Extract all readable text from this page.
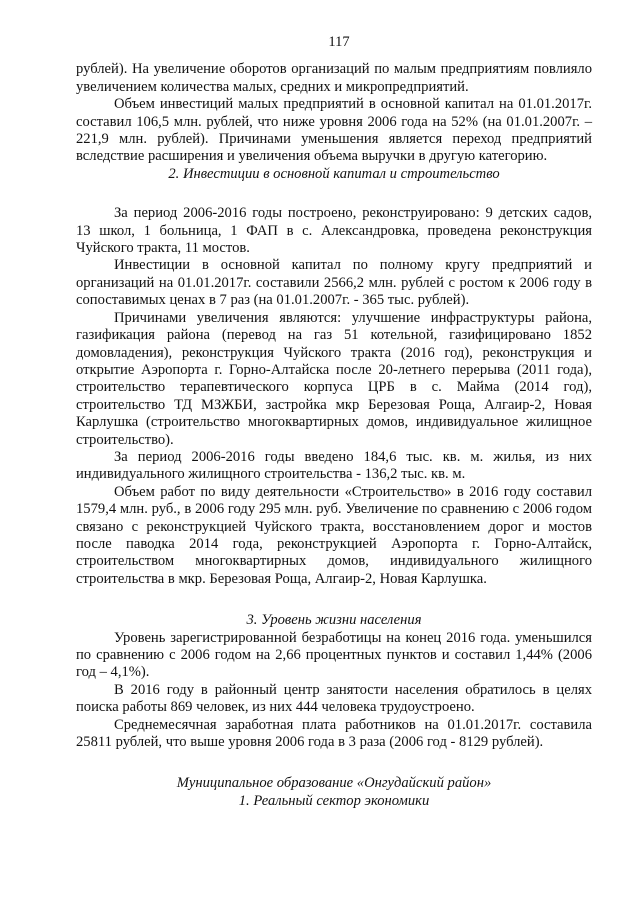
117

рублей). На увеличение оборотов организаций по малым предприятиям повлияло увеличением количества малых, средних и микропредприятий.

Объем инвестиций малых предприятий в основной капитал на 01.01.2017г. составил 106,5 млн. рублей, что ниже уровня 2006 года на 52% (на 01.01.2007г. – 221,9 млн. рублей). Причинами уменьшения является переход предприятий вследствие расширения и увеличения объема выручки в другую категорию.

2. Инвестиции в основной капитал и строительство

За период 2006-2016 годы построено, реконструировано: 9 детских садов, 13 школ, 1 больница, 1 ФАП в с. Александровка, проведена реконструкция Чуйского тракта, 11 мостов.

Инвестиции в основной капитал по полному кругу предприятий и организаций на 01.01.2017г. составили 2566,2 млн. рублей с ростом к 2006 году в сопоставимых ценах в 7 раз (на 01.01.2007г. - 365 тыс. рублей).

Причинами увеличения являются: улучшение инфраструктуры района, газификация района (перевод на газ 51 котельной, газифицировано 1852 домовладения), реконструкция Чуйского тракта (2016 год), реконструкция и открытие Аэропорта г. Горно-Алтайска после 20-летнего перерыва (2011 года), строительство терапевтического корпуса ЦРБ в с. Майма (2014 год), строительство ТД МЗЖБИ, застройка мкр Березовая Роща, Алгаир-2, Новая Карлушка (строительство многоквартирных домов, индивидуальное жилищное строительство).

За период 2006-2016 годы введено 184,6 тыс. кв. м. жилья, из них индивидуального жилищного строительства - 136,2 тыс. кв. м.

Объем работ по виду деятельности «Строительство» в 2016 году составил 1579,4 млн. руб., в 2006 году 295 млн. руб. Увеличение по сравнению с 2006 годом связано с реконструкцией Чуйского тракта, восстановлением дорог и мостов после паводка 2014 года, реконструкцией Аэропорта г. Горно-Алтайск, строительством многоквартирных домов, индивидуального жилищного строительства в мкр. Березовая Роща, Алгаир-2, Новая Карлушка.

3. Уровень жизни населения

Уровень зарегистрированной безработицы на конец 2016 года. уменьшился по сравнению с 2006 годом на 2,66 процентных пунктов и составил 1,44% (2006 год – 4,1%).

В 2016 году в районный центр занятости населения обратилось в целях поиска работы 869 человек, из них 444 человека трудоустроено.

Среднемесячная заработная плата работников на 01.01.2017г. составила 25811 рублей, что выше уровня 2006 года в 3 раза (2006 год - 8129 рублей).

Муниципальное образование «Онгудайский район»
1. Реальный сектор экономики
